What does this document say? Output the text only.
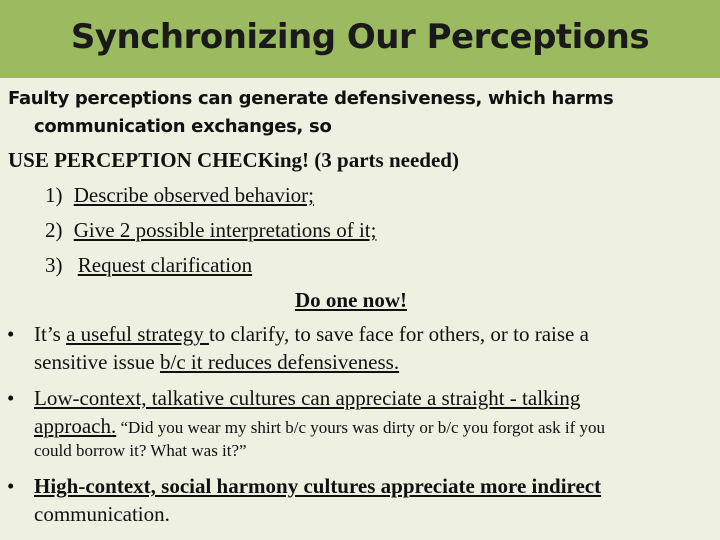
Synchronizing Our Perceptions
Faulty perceptions can generate defensiveness, which harms
communication exchanges, so
USE PERCEPTION CHECKing! (3 parts needed)
1) Describe observed behavior;
2) Give 2 possible interpretations of it;
3) Request clarification
Do one now!
• It’s a useful strategy to clarify, to save face for others, or to raise a
sensitive issue b/c it reduces defensiveness.
• Low-context, talkative cultures can appreciate a straight - talking
approach. “Did you wear my shirt b/c yours was dirty or b/c you forgot ask if you
could borrow it? What was it?”
• High-context, social harmony cultures appreciate more indirect
communication.
